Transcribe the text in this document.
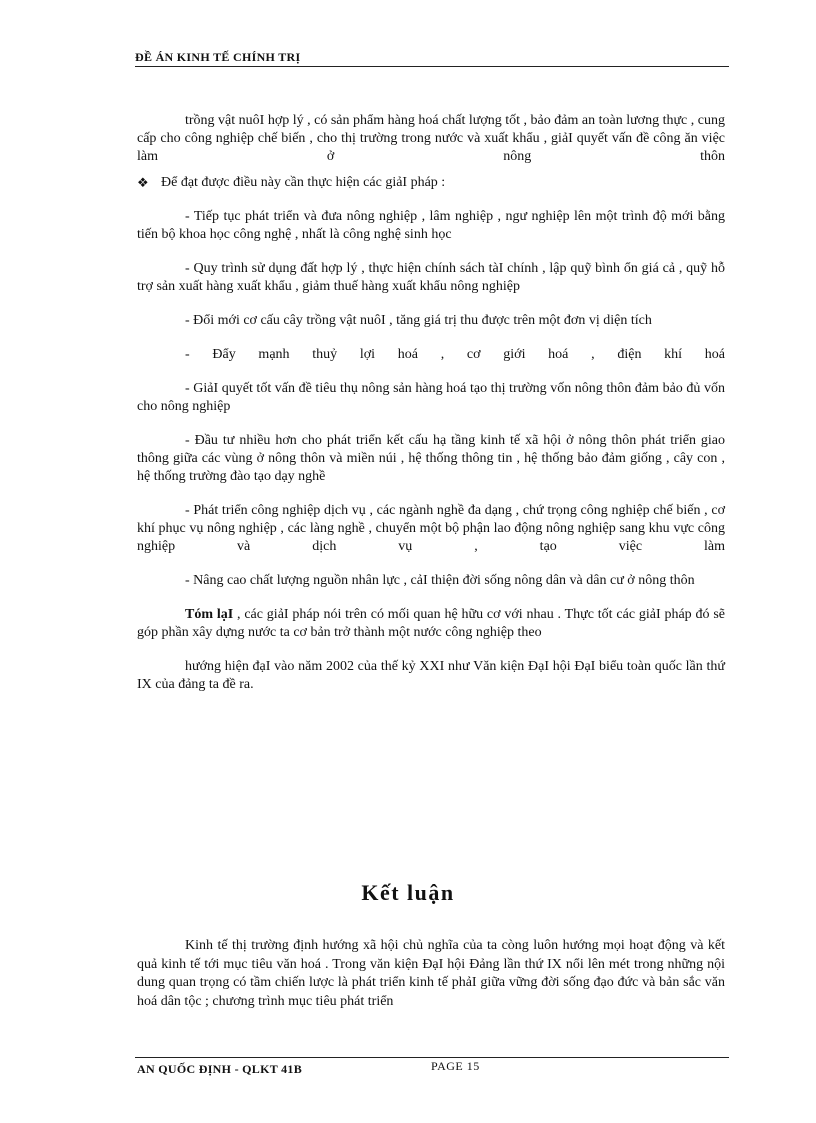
ĐỀ ÁN KINH TẾ CHÍNH TRỊ

trồng vật nuôI hợp lý , có sản phẩm hàng hoá chất lượng tốt , bảo đảm an toàn lương thực , cung cấp cho công nghiệp chế biến , cho thị trường trong nước và xuất khẩu , giảI quyết vấn đề công ăn việc làm ở nông thôn

❖ Để đạt được điều này cần thực hiện các giảI pháp :

- Tiếp tục phát triển và đưa nông nghiệp , lâm nghiệp , ngư nghiệp lên một trình độ mới bằng tiến bộ khoa học công nghệ , nhất là công nghệ sinh học

- Quy trình sử dụng đất hợp lý , thực hiện chính sách tàI chính , lập quỹ bình ổn giá cả , quỹ hỗ trợ sản xuất hàng xuất khẩu , giảm thuế hàng xuất khẩu nông nghiệp

- Đổi mới cơ cấu cây trồng vật nuôI , tăng giá trị thu được trên một đơn vị diện tích

- Đẩy mạnh thuỷ lợi hoá , cơ giới hoá , điện khí hoá

- GiảI quyết tốt vấn đề tiêu thụ nông sản hàng hoá tạo thị trường vốn nông thôn đảm bảo đủ vốn cho nông nghiệp

- Đầu tư nhiều hơn cho phát triển kết cấu hạ tầng kinh tế xã hội ở nông thôn phát triển giao thông giữa các vùng ở nông thôn và miền núi , hệ thống thông tin , hệ thống bảo đảm giống , cây con , hệ thống trường đào tạo dạy nghề

- Phát triển công nghiệp dịch vụ , các ngành nghề đa dạng , chứ trọng công nghiệp chế biến , cơ khí phục vụ nông nghiệp , các làng nghề , chuyển một bộ phận lao động nông nghiệp sang khu vực công nghiệp và dịch vụ , tạo việc làm

- Nâng cao chất lượng nguồn nhân lực , cảI thiện đời sống nông dân và dân cư ở nông thôn

Tóm lạI , các giảI pháp nói trên có mối quan hệ hữu cơ với nhau . Thực tốt các giảI pháp đó sẽ góp phần xây dựng nước ta cơ bản trở thành một nước công nghiệp theo

hướng hiện đạI vào năm 2002 của thế kỷ XXI như Văn kiện ĐạI hội ĐạI biểu toàn quốc lần thứ IX của đảng ta đề ra.

Kết luận

Kinh tế thị trường định hướng xã hội chủ nghĩa của ta còng luôn hướng mọi hoạt động và kết quả kinh tế tới mục tiêu văn hoá . Trong văn kiện ĐạI hội Đảng lần thứ IX nổi lên mét trong những nội dung quan trọng có tầm chiến lược là phát triển kinh tế phảI giữa vững đời sống đạo đức và bản sắc văn hoá dân tộc ; chương trình mục tiêu phát triển

AN QUỐC ĐỊNH - QLKT 41B	PAGE 15
